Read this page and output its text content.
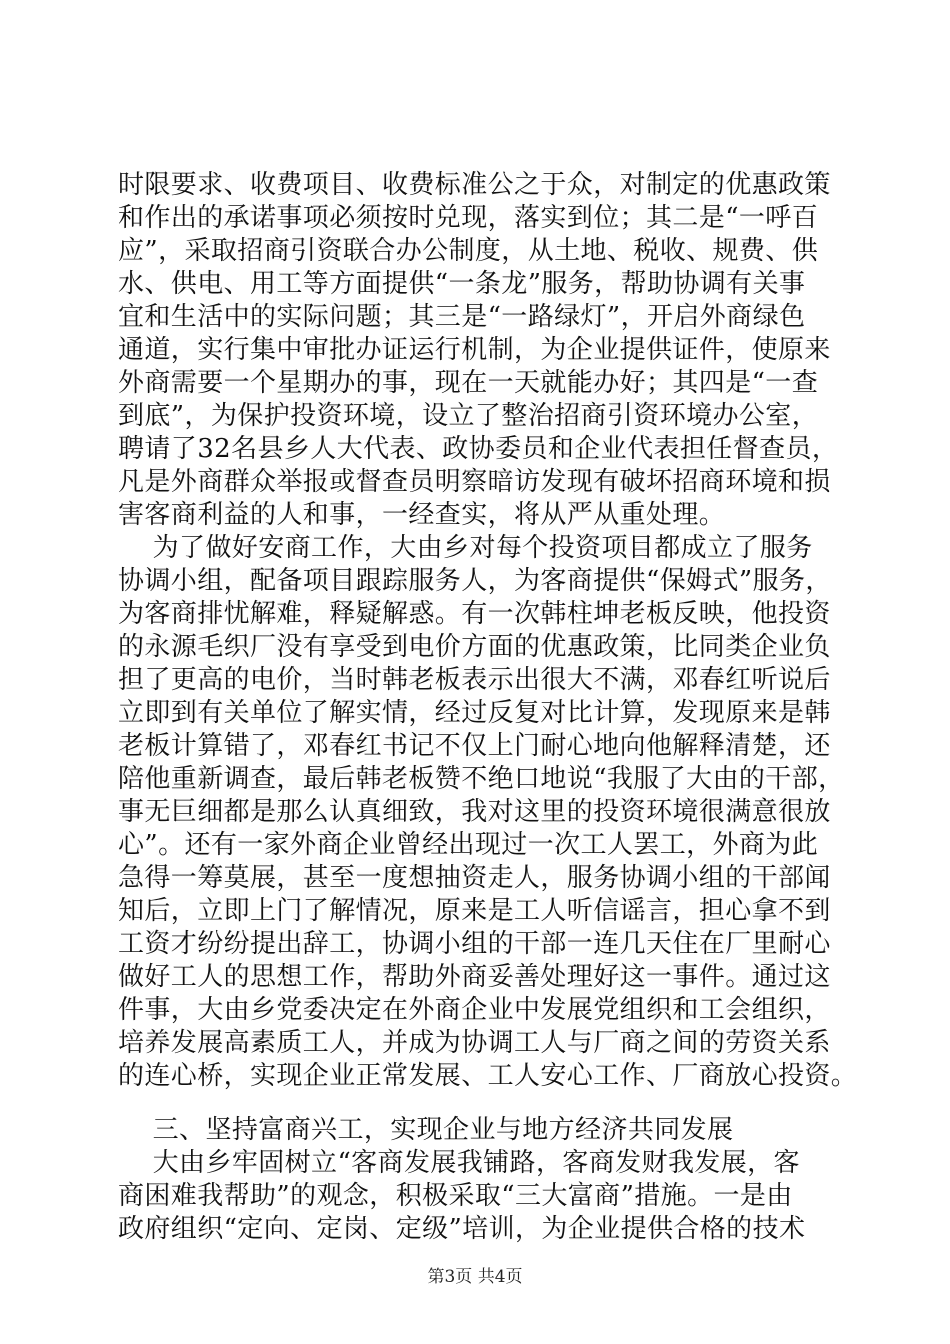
时限要求、收费项目、收费标准公之于众，对制定的优惠政策
和作出的承诺事项必须按时兑现，落实到位；其二是“一呼百
应”，采取招商引资联合办公制度，从土地、税收、规费、供
水、供电、用工等方面提供“一条龙”服务，帮助协调有关事
宜和生活中的实际问题；其三是“一路绿灯”，开启外商绿色
通道，实行集中审批办证运行机制，为企业提供证件，使原来
外商需要一个星期办的事，现在一天就能办好；其四是“一查
到底”，为保护投资环境，设立了整治招商引资环境办公室，
聘请了32名县乡人大代表、政协委员和企业代表担任督查员，
凡是外商群众举报或督查员明察暗访发现有破坏招商环境和损
害客商利益的人和事，一经查实，将从严从重处理。
为了做好安商工作，大由乡对每个投资项目都成立了服务
协调小组，配备项目跟踪服务人，为客商提供“保姆式”服务，
为客商排忧解难，释疑解惑。有一次韩柱坤老板反映，他投资
的永源毛织厂没有享受到电价方面的优惠政策，比同类企业负
担了更高的电价，当时韩老板表示出很大不满，邓春红听说后
立即到有关单位了解实情，经过反复对比计算，发现原来是韩
老板计算错了，邓春红书记不仅上门耐心地向他解释清楚，还
陪他重新调查，最后韩老板赞不绝口地说“我服了大由的干部，
事无巨细都是那么认真细致，我对这里的投资环境很满意很放
心”。还有一家外商企业曾经出现过一次工人罢工，外商为此
急得一筹莫展，甚至一度想抽资走人，服务协调小组的干部闻
知后，立即上门了解情况，原来是工人听信谣言，担心拿不到
工资才纷纷提出辞工，协调小组的干部一连几天住在厂里耐心
做好工人的思想工作，帮助外商妥善处理好这一事件。通过这
件事，大由乡党委决定在外商企业中发展党组织和工会组织，
培养发展高素质工人，并成为协调工人与厂商之间的劳资关系
的连心桥，实现企业正常发展、工人安心工作、厂商放心投资。
三、坚持富商兴工，实现企业与地方经济共同发展
大由乡牢固树立“客商发展我铺路，客商发财我发展，客
商困难我帮助”的观念，积极采取“三大富商”措施。一是由
政府组织“定向、定岗、定级”培训，为企业提供合格的技术
第3页 共4页
